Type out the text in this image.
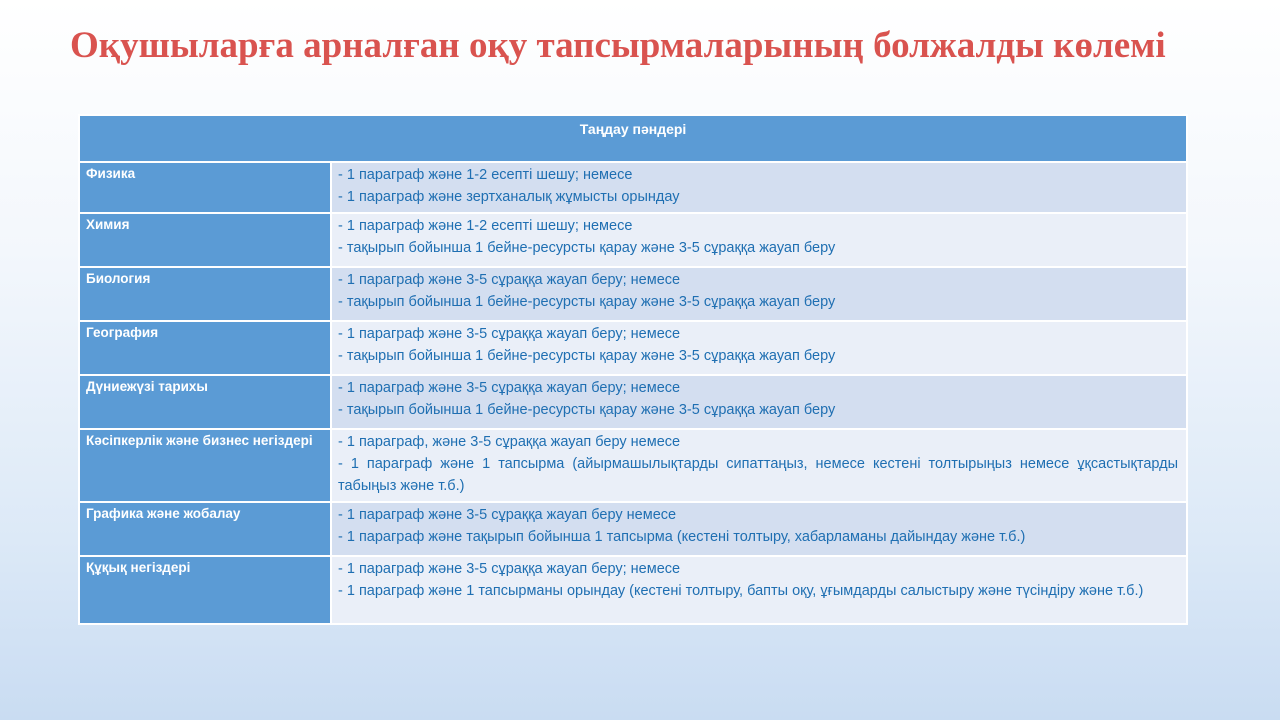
Оқушыларға арналған оқу тапсырмаларының болжалды көлемі
Таңдау пәндері	
Физика	- 1 параграф және 1-2 есепті шешу; немесе
- 1 параграф және зертханалық жұмысты орындау

Химия	- 1 параграф және 1-2 есепті шешу; немесе
- тақырып бойынша 1 бейне-ресурсты қарау және 3-5 сұраққа жауап беру

Биология	- 1 параграф және 3-5 сұраққа жауап беру; немесе
- тақырып бойынша 1 бейне-ресурсты қарау және 3-5 сұраққа жауап беру

География	- 1 параграф және 3-5 сұраққа жауап беру; немесе
- тақырып бойынша 1 бейне-ресурсты қарау және 3-5 сұраққа жауап беру

Дүниежүзі тарихы	- 1 параграф және 3-5 сұраққа жауап беру; немесе
- тақырып бойынша 1 бейне-ресурсты қарау және 3-5 сұраққа жауап беру

Кәсіпкерлік және бизнес негіздері	- 1 параграф, және 3-5 сұраққа жауап беру немесе
- 1 параграф және 1 тапсырма (айырмашылықтарды сипаттаңыз, немесе кестені толтырыңыз немесе ұқсастықтарды табыңыз және т.б.)

Графика және жобалау	- 1 параграф және 3-5 сұраққа жауап беру немесе
- 1 параграф және тақырып бойынша 1 тапсырма (кестені толтыру, хабарламаны дайындау және т.б.)

Құқық негіздері	- 1 параграф және 3-5 сұраққа жауап беру; немесе
- 1 параграф және 1 тапсырманы орындау (кестені толтыру, бапты оқу, ұғымдарды салыстыру және түсіндіру және т.б.)
